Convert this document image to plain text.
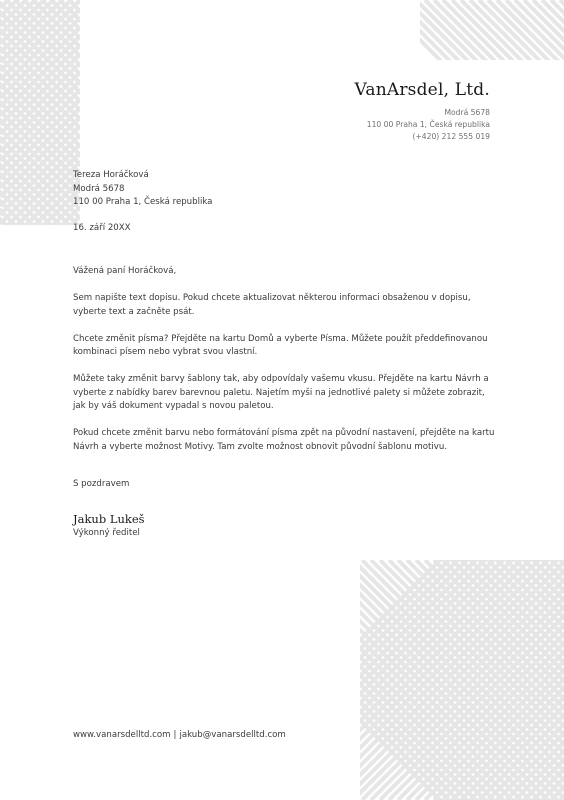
VanArsdel, Ltd.
Modrá 5678
110 00 Praha 1, Česká republika
(+420) 212 555 019
Tereza Horáčková
Modrá 5678
110 00 Praha 1, Česká republika
16. září 20XX

Vážená paní Horáčková,

Sem napište text dopisu. Pokud chcete aktualizovat některou informaci obsaženou v dopisu, vyberte text a začněte psát.

Chcete změnit písma? Přejděte na kartu Domů a vyberte Písma. Můžete použít předdefinovanou kombinaci písem nebo vybrat svou vlastní.

Můžete taky změnit barvy šablony tak, aby odpovídaly vašemu vkusu. Přejděte na kartu Návrh a vyberte z nabídky barev barevnou paletu. Najetím myši na jednotlivé palety si můžete zobrazit, jak by váš dokument vypadal s novou paletou.

Pokud chcete změnit barvu nebo formátování písma zpět na původní nastavení, přejděte na kartu Návrh a vyberte možnost Motivy. Tam zvolte možnost obnovit původní šablonu motivu.

S pozdravem
Jakub Lukeš
Výkonný ředitel
www.vanarsdelltd.com | jakub@vanarsdelltd.com
